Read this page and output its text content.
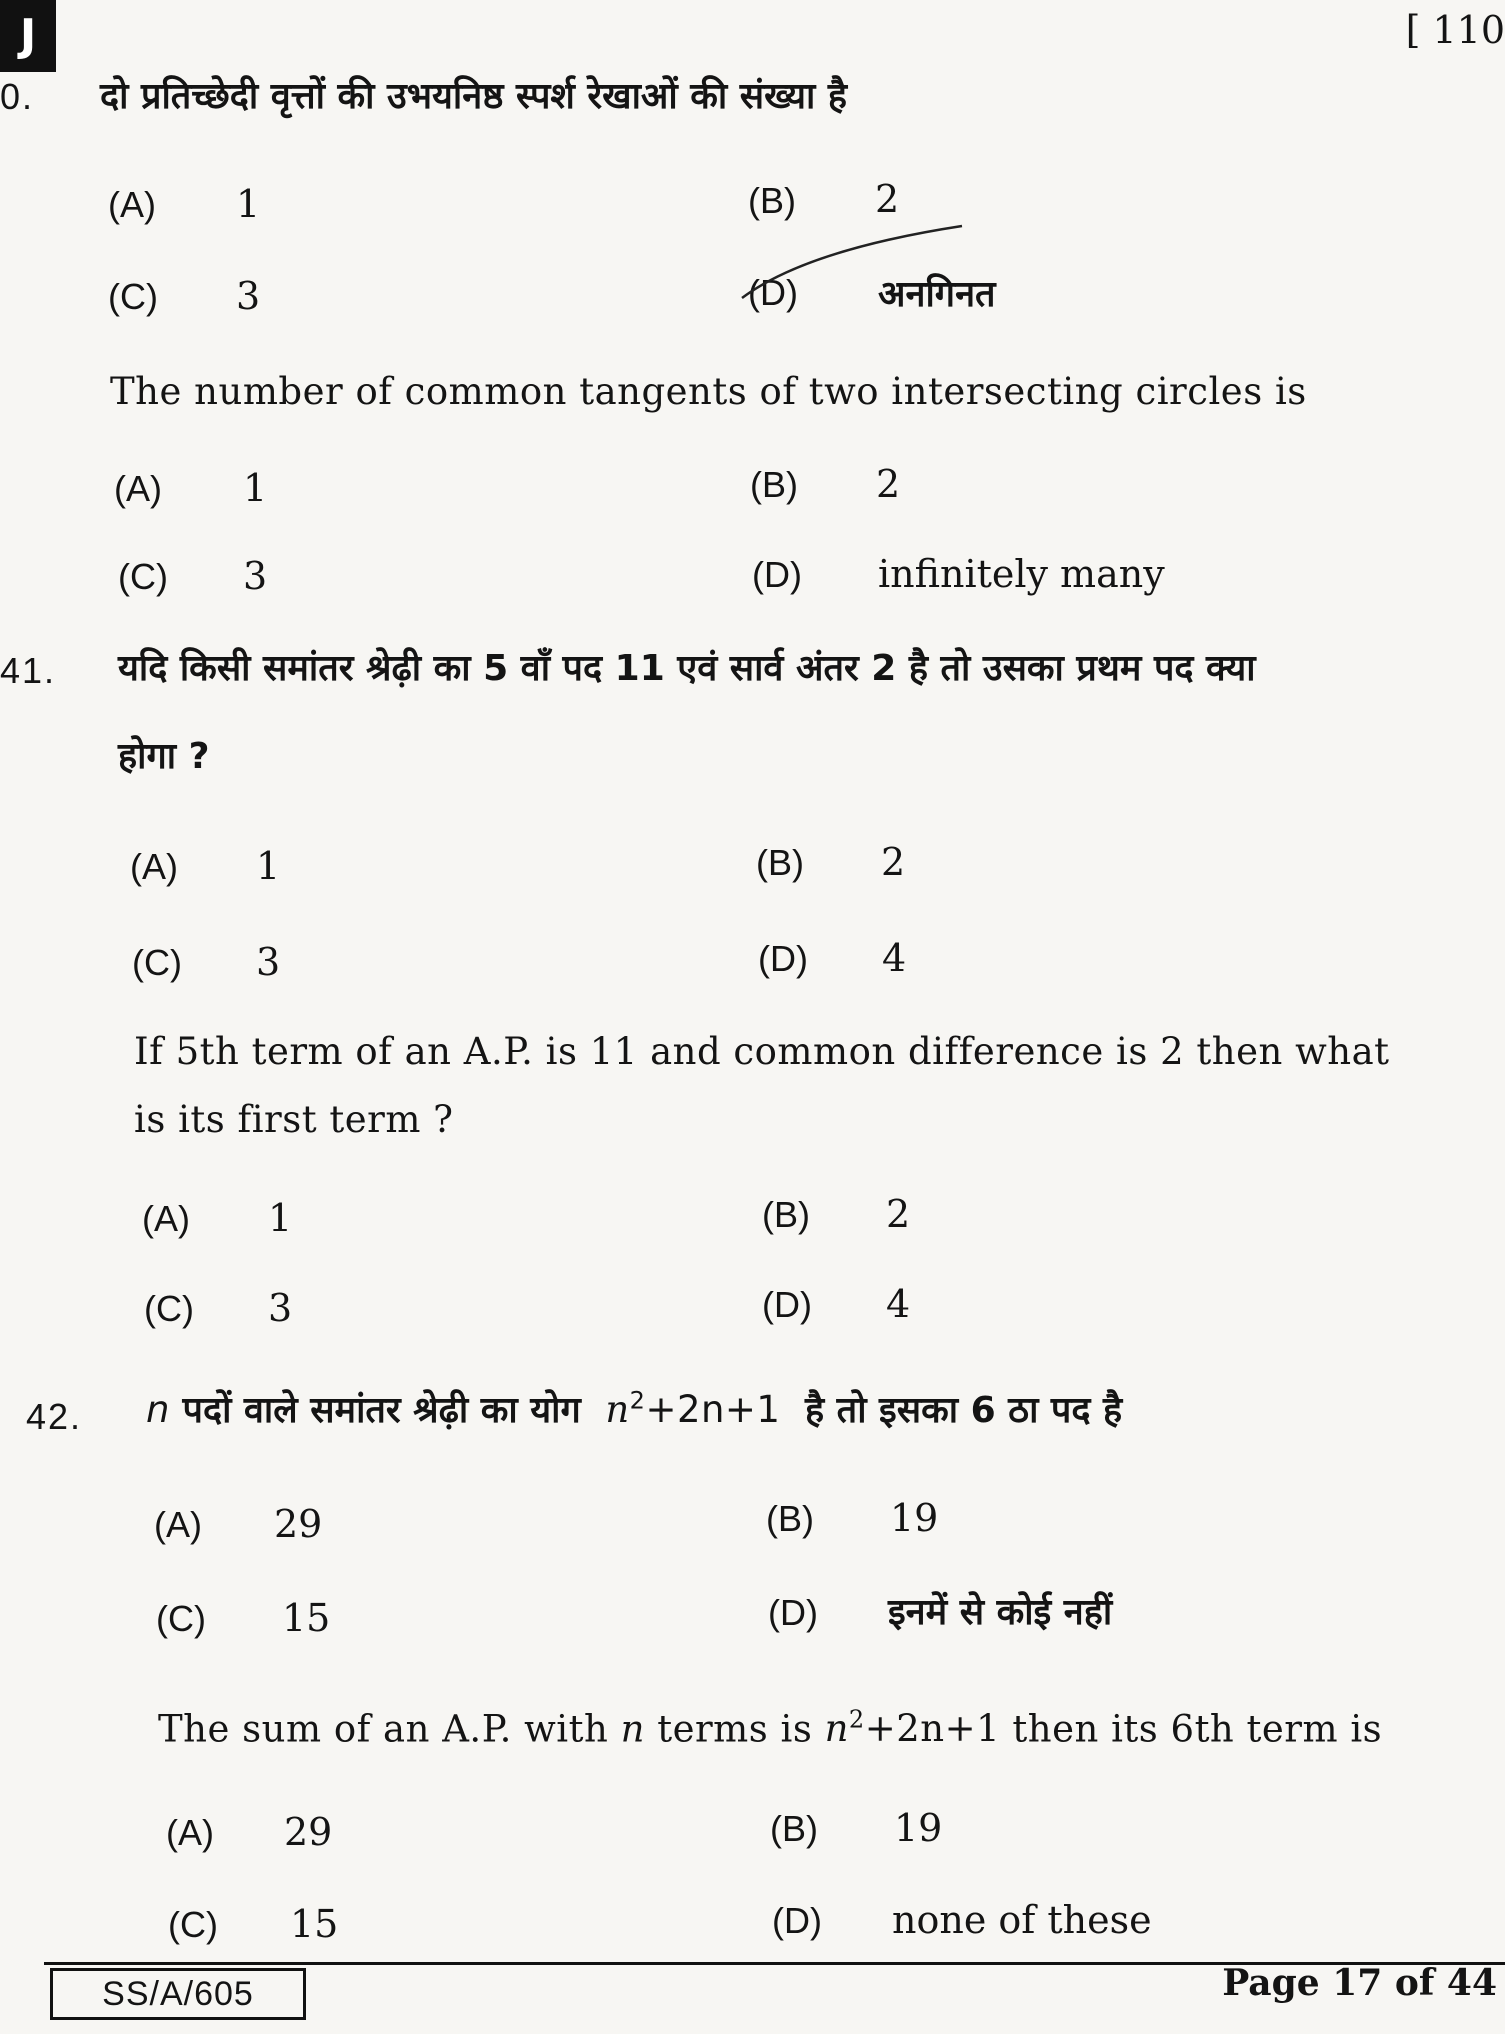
J	[ 110
0. दो प्रतिच्छेदी वृत्तों की उभयनिष्ठ स्पर्श रेखाओं की संख्या है
(A) 1	(B) 2
(C) 3	(D) अनगिनत
The number of common tangents of two intersecting circles is
(A) 1	(B) 2
(C) 3	(D) infinitely many
41. यदि किसी समांतर श्रेढ़ी का 5 वाँ पद 11 एवं सार्व अंतर 2 है तो उसका प्रथम पद क्या
होगा ?
(A) 1	(B) 2
(C) 3	(D) 4
If 5th term of an A.P. is 11 and common difference is 2 then what
is its first term ?
(A) 1	(B) 2
(C) 3	(D) 4
42. n पदों वाले समांतर श्रेढ़ी का योग $n^2+2n+1$ है तो इसका 6 ठा पद है
(A) 29	(B) 19
(C) 15	(D) इनमें से कोई नहीं
The sum of an A.P. with n terms is $n^2+2n+1$ then its 6th term is
(A) 29	(B) 19
(C) 15	(D) none of these
SS/A/605	Page 17 of 44
